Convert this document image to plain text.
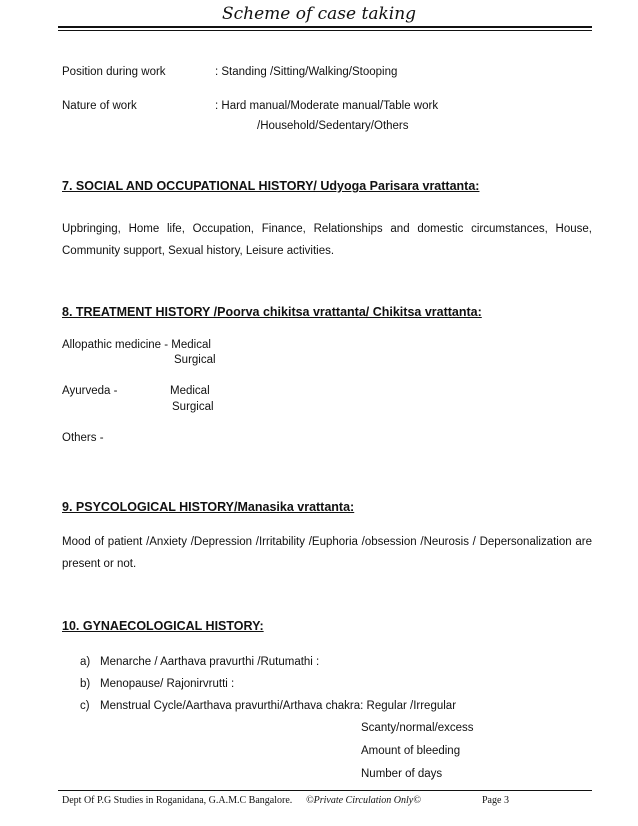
Scheme of case taking
Position during work	: Standing /Sitting/Walking/Stooping
Nature of work	: Hard manual/Moderate manual/Table work
/Household/Sedentary/Others
7. SOCIAL AND OCCUPATIONAL HISTORY/ Udyoga Parisara vrattanta:
Upbringing, Home life, Occupation, Finance, Relationships and domestic circumstances, House, Community support, Sexual history, Leisure activities.
8. TREATMENT HISTORY /Poorva chikitsa vrattanta/ Chikitsa vrattanta:
Allopathic medicine - Medical
Surgical
Ayurveda -	Medical
Surgical
Others -
9. PSYCOLOGICAL HISTORY/Manasika vrattanta:
Mood of patient /Anxiety /Depression /Irritability /Euphoria /obsession /Neurosis / Depersonalization are present or not.
10. GYNAECOLOGICAL HISTORY:
a) Menarche / Aarthava pravurthi /Rutumathi :
b) Menopause/ Rajonirvrutti :
c) Menstrual Cycle/Aarthava pravurthi/Arthava chakra: Regular /Irregular
Scanty/normal/excess
Amount of bleeding
Number of days
Dept Of P.G Studies in Roganidana, G.A.M.C Bangalore. ©Private Circulation Only©	Page 3
